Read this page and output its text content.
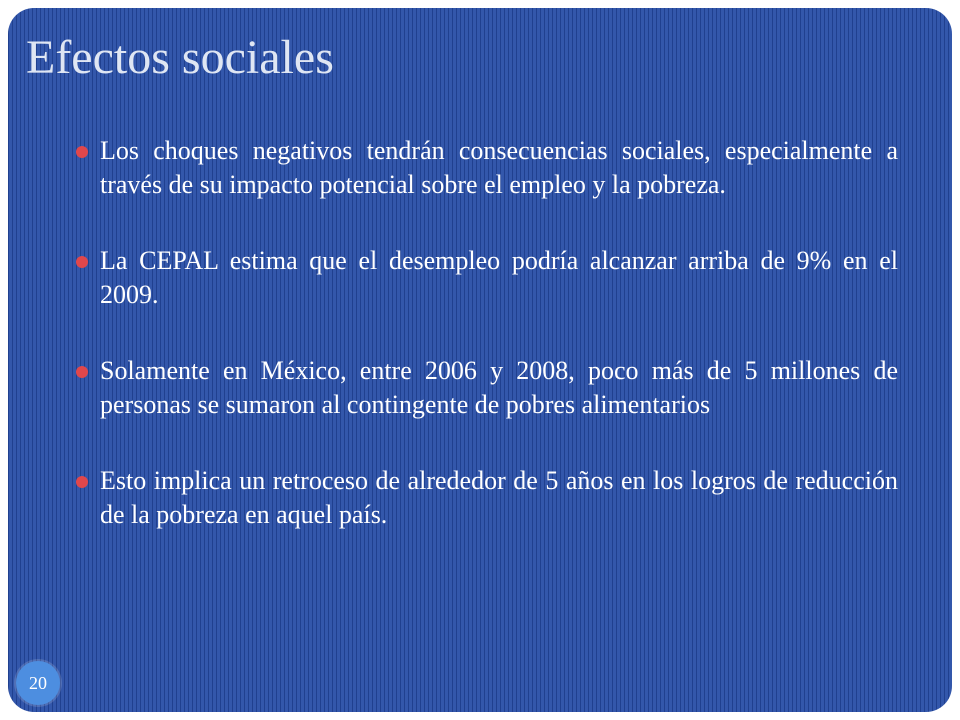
Efectos sociales
Los choques negativos tendrán consecuencias sociales, especialmente a través de su impacto potencial sobre el empleo y la pobreza.
La CEPAL estima que el desempleo podría alcanzar arriba de 9% en el 2009.
Solamente en México, entre 2006 y 2008, poco más de 5 millones de personas se sumaron al contingente de pobres alimentarios
Esto implica un retroceso de alrededor de 5 años en los logros de reducción de la pobreza en aquel país.
20
